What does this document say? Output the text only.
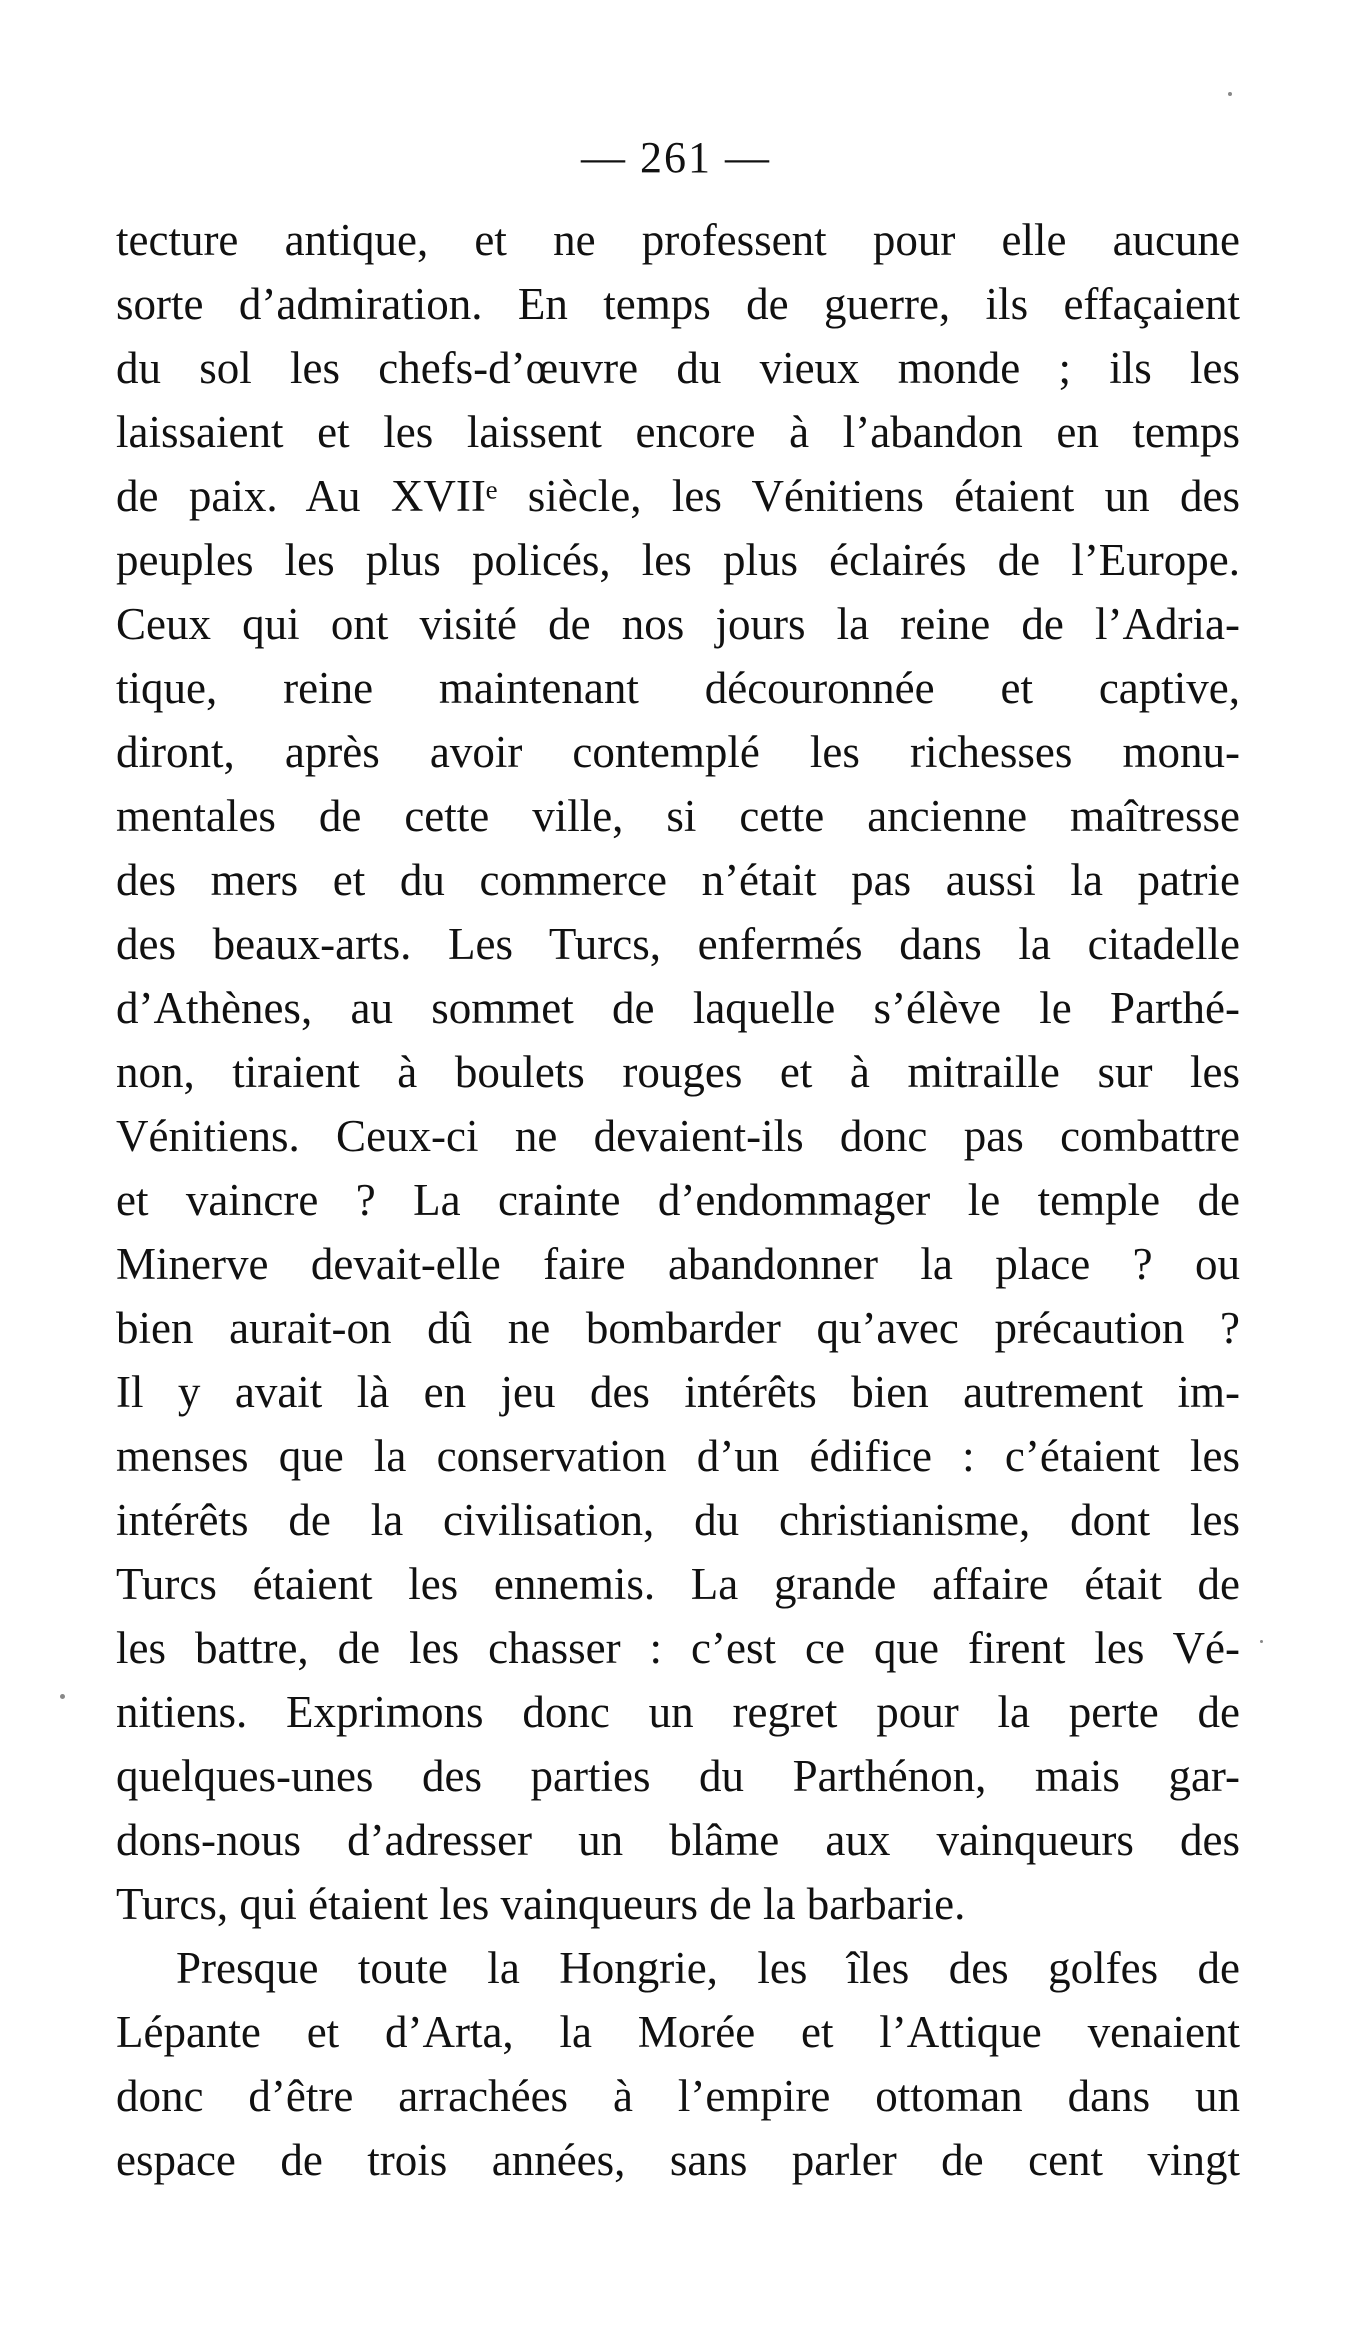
— 261 —
tecture antique, et ne professent pour elle aucune
sorte d’admiration. En temps de guerre, ils effaçaient
du sol les chefs-d’œuvre du vieux monde ; ils les
laissaient et les laissent encore à l’abandon en temps
de paix. Au XVIIᵉ siècle, les Vénitiens étaient un des
peuples les plus policés, les plus éclairés de l’Europe.
Ceux qui ont visité de nos jours la reine de l’Adria-
tique, reine maintenant découronnée et captive,
diront, après avoir contemplé les richesses monu-
mentales de cette ville, si cette ancienne maîtresse
des mers et du commerce n’était pas aussi la patrie
des beaux-arts. Les Turcs, enfermés dans la citadelle
d’Athènes, au sommet de laquelle s’élève le Parthé-
non, tiraient à boulets rouges et à mitraille sur les
Vénitiens. Ceux-ci ne devaient-ils donc pas combattre
et vaincre ? La crainte d’endommager le temple de
Minerve devait-elle faire abandonner la place ? ou
bien aurait-on dû ne bombarder qu’avec précaution ?
Il y avait là en jeu des intérêts bien autrement im-
menses que la conservation d’un édifice : c’étaient les
intérêts de la civilisation, du christianisme, dont les
Turcs étaient les ennemis. La grande affaire était de
les battre, de les chasser : c’est ce que firent les Vé-
nitiens. Exprimons donc un regret pour la perte de
quelques-unes des parties du Parthénon, mais gar-
dons-nous d’adresser un blâme aux vainqueurs des
Turcs, qui étaient les vainqueurs de la barbarie.
Presque toute la Hongrie, les îles des golfes de
Lépante et d’Arta, la Morée et l’Attique venaient
donc d’être arrachées à l’empire ottoman dans un
espace de trois années, sans parler de cent vingt
